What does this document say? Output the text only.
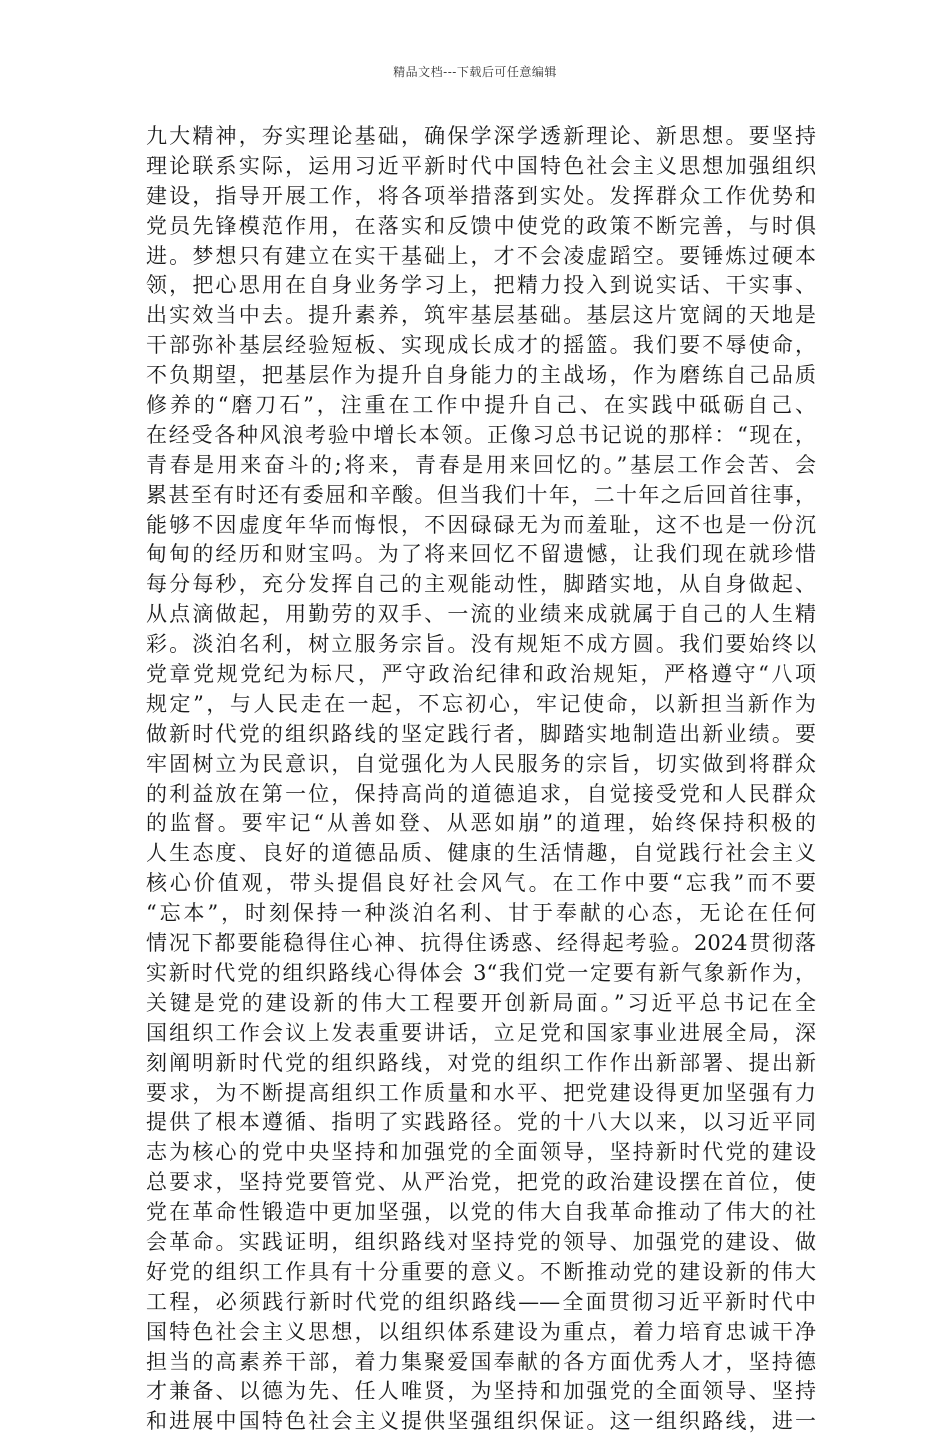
精品文档---下载后可任意编辑
九大精神，夯实理论基础，确保学深学透新理论、新思想。要坚持
理论联系实际，运用习近平新时代中国特色社会主义思想加强组织
建设，指导开展工作，将各项举措落到实处。发挥群众工作优势和
党员先锋模范作用，在落实和反馈中使党的政策不断完善，与时俱
进。梦想只有建立在实干基础上，才不会凌虚蹈空。要锤炼过硬本
领，把心思用在自身业务学习上，把精力投入到说实话、干实事、
出实效当中去。提升素养，筑牢基层基础。基层这片宽阔的天地是
干部弥补基层经验短板、实现成长成才的摇篮。我们要不辱使命，
不负期望，把基层作为提升自身能力的主战场，作为磨练自己品质
修养的“磨刀石”，注重在工作中提升自己、在实践中砥砺自己、
在经受各种风浪考验中增长本领。正像习总书记说的那样：“现在，
青春是用来奋斗的;将来，青春是用来回忆的。”基层工作会苦、会
累甚至有时还有委屈和辛酸。但当我们十年，二十年之后回首往事，
能够不因虚度年华而悔恨，不因碌碌无为而羞耻，这不也是一份沉
甸甸的经历和财宝吗。为了将来回忆不留遗憾，让我们现在就珍惜
每分每秒，充分发挥自己的主观能动性，脚踏实地，从自身做起、
从点滴做起，用勤劳的双手、一流的业绩来成就属于自己的人生精
彩。淡泊名利，树立服务宗旨。没有规矩不成方圆。我们要始终以
党章党规党纪为标尺，严守政治纪律和政治规矩，严格遵守“八项
规定”，与人民走在一起，不忘初心，牢记使命，以新担当新作为
做新时代党的组织路线的坚定践行者，脚踏实地制造出新业绩。要
牢固树立为民意识，自觉强化为人民服务的宗旨，切实做到将群众
的利益放在第一位，保持高尚的道德追求，自觉接受党和人民群众
的监督。要牢记“从善如登、从恶如崩”的道理，始终保持积极的
人生态度、良好的道德品质、健康的生活情趣，自觉践行社会主义
核心价值观，带头提倡良好社会风气。在工作中要“忘我”而不要
“忘本”，时刻保持一种淡泊名利、甘于奉献的心态，无论在任何
情况下都要能稳得住心神、抗得住诱惑、经得起考验。2024贯彻落
实新时代党的组织路线心得体会 3“我们党一定要有新气象新作为，
关键是党的建设新的伟大工程要开创新局面。”习近平总书记在全
国组织工作会议上发表重要讲话，立足党和国家事业进展全局，深
刻阐明新时代党的组织路线，对党的组织工作作出新部署、提出新
要求，为不断提高组织工作质量和水平、把党建设得更加坚强有力
提供了根本遵循、指明了实践路径。党的十八大以来，以习近平同
志为核心的党中央坚持和加强党的全面领导，坚持新时代党的建设
总要求，坚持党要管党、从严治党，把党的政治建设摆在首位，使
党在革命性锻造中更加坚强，以党的伟大自我革命推动了伟大的社
会革命。实践证明，组织路线对坚持党的领导、加强党的建设、做
好党的组织工作具有十分重要的意义。不断推动党的建设新的伟大
工程，必须践行新时代党的组织路线——全面贯彻习近平新时代中
国特色社会主义思想，以组织体系建设为重点，着力培育忠诚干净
担当的高素养干部，着力集聚爱国奉献的各方面优秀人才，坚持德
才兼备、以德为先、任人唯贤，为坚持和加强党的全面领导、坚持
和进展中国特色社会主义提供坚强组织保证。这一组织路线，进一
